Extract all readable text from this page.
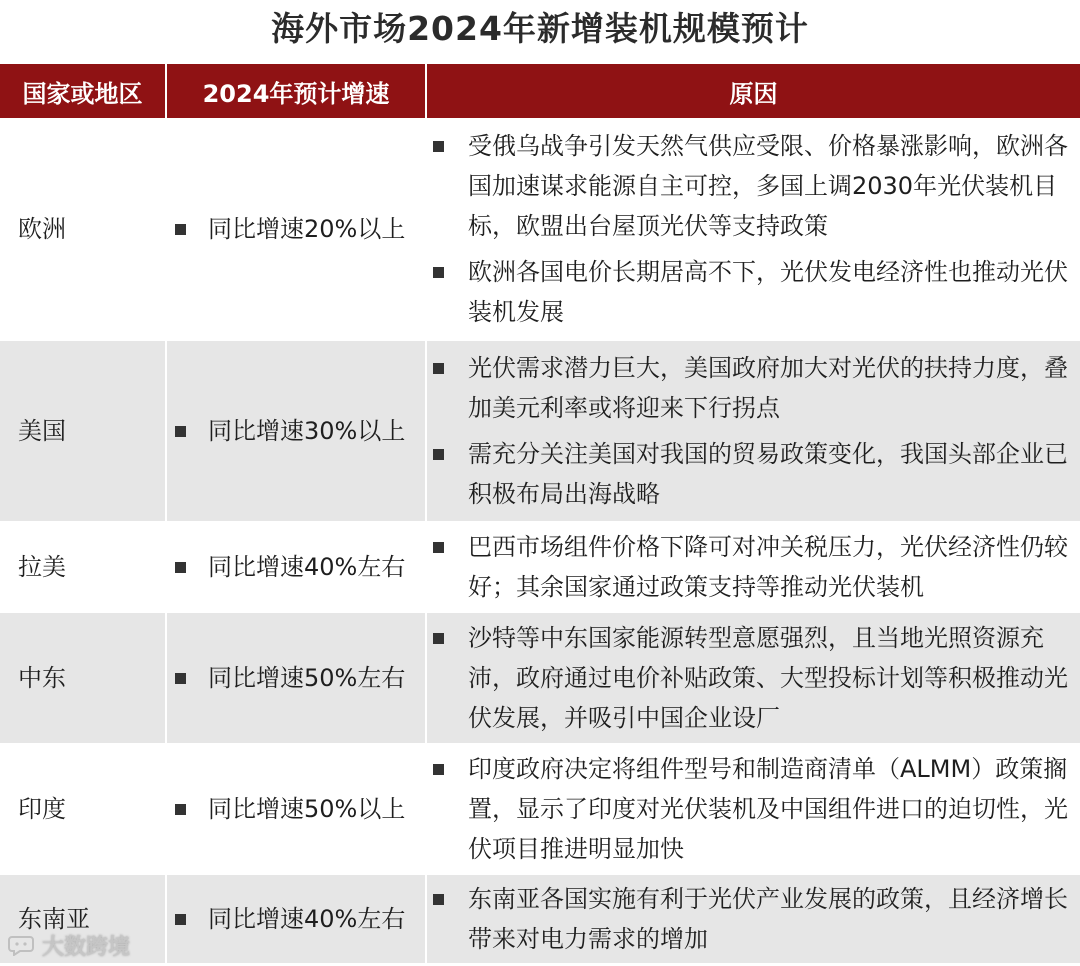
海外市场2024年新增装机规模预计
国家或地区	2024年预计增速	原因
欧洲	同比增速20%以上	受俄乌战争引发天然气供应受限、价格暴涨影响，欧洲各国加速谋求能源自主可控，多国上调2030年光伏装机目标，欧盟出台屋顶光伏等支持政策
欧洲各国电价长期居高不下，光伏发电经济性也推动光伏装机发展

美国	同比增速30%以上	光伏需求潜力巨大，美国政府加大对光伏的扶持力度，叠加美元利率或将迎来下行拐点
需充分关注美国对我国的贸易政策变化，我国头部企业已积极布局出海战略

拉美	同比增速40%左右	巴西市场组件价格下降可对冲关税压力，光伏经济性仍较好；其余国家通过政策支持等推动光伏装机

中东	同比增速50%左右	沙特等中东国家能源转型意愿强烈，且当地光照资源充沛，政府通过电价补贴政策、大型投标计划等积极推动光伏发展，并吸引中国企业设厂

印度	同比增速50%以上	印度政府决定将组件型号和制造商清单（ALMM）政策搁置，显示了印度对光伏装机及中国组件进口的迫切性，光伏项目推进明显加快

东南亚	同比增速40%左右	东南亚各国实施有利于光伏产业发展的政策，且经济增长带来对电力需求的增加
大数跨境
